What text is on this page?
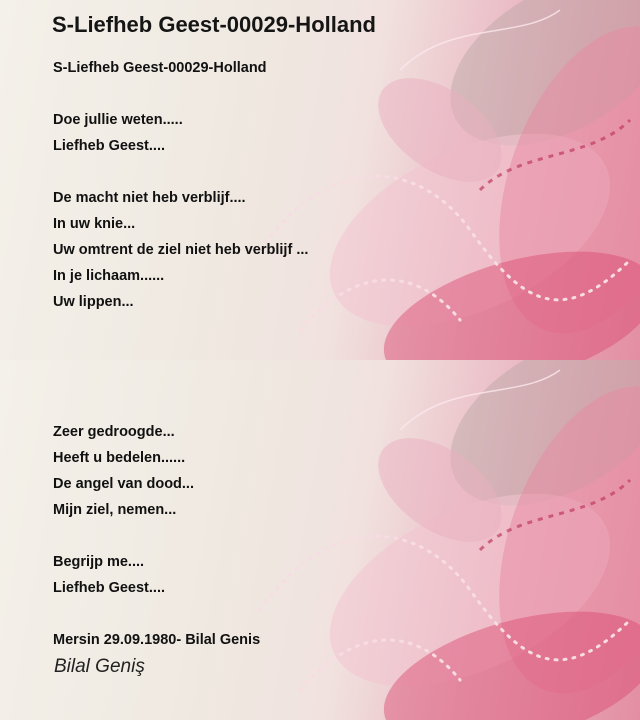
S-Liefheb Geest-00029-Holland
S-Liefheb Geest-00029-Holland
Doe jullie weten.....
Liefheb Geest....
De macht niet heb verblijf....
In uw knie...
Uw omtrent de ziel niet heb verblijf ...
In je lichaam......
Uw lippen...
Zeer gedroogde...
Heeft u bedelen......
De angel van dood...
Mijn ziel, nemen...
Begrijp me....
Liefheb Geest....
Mersin 29.09.1980- Bilal Genis
Bilal Geniş
